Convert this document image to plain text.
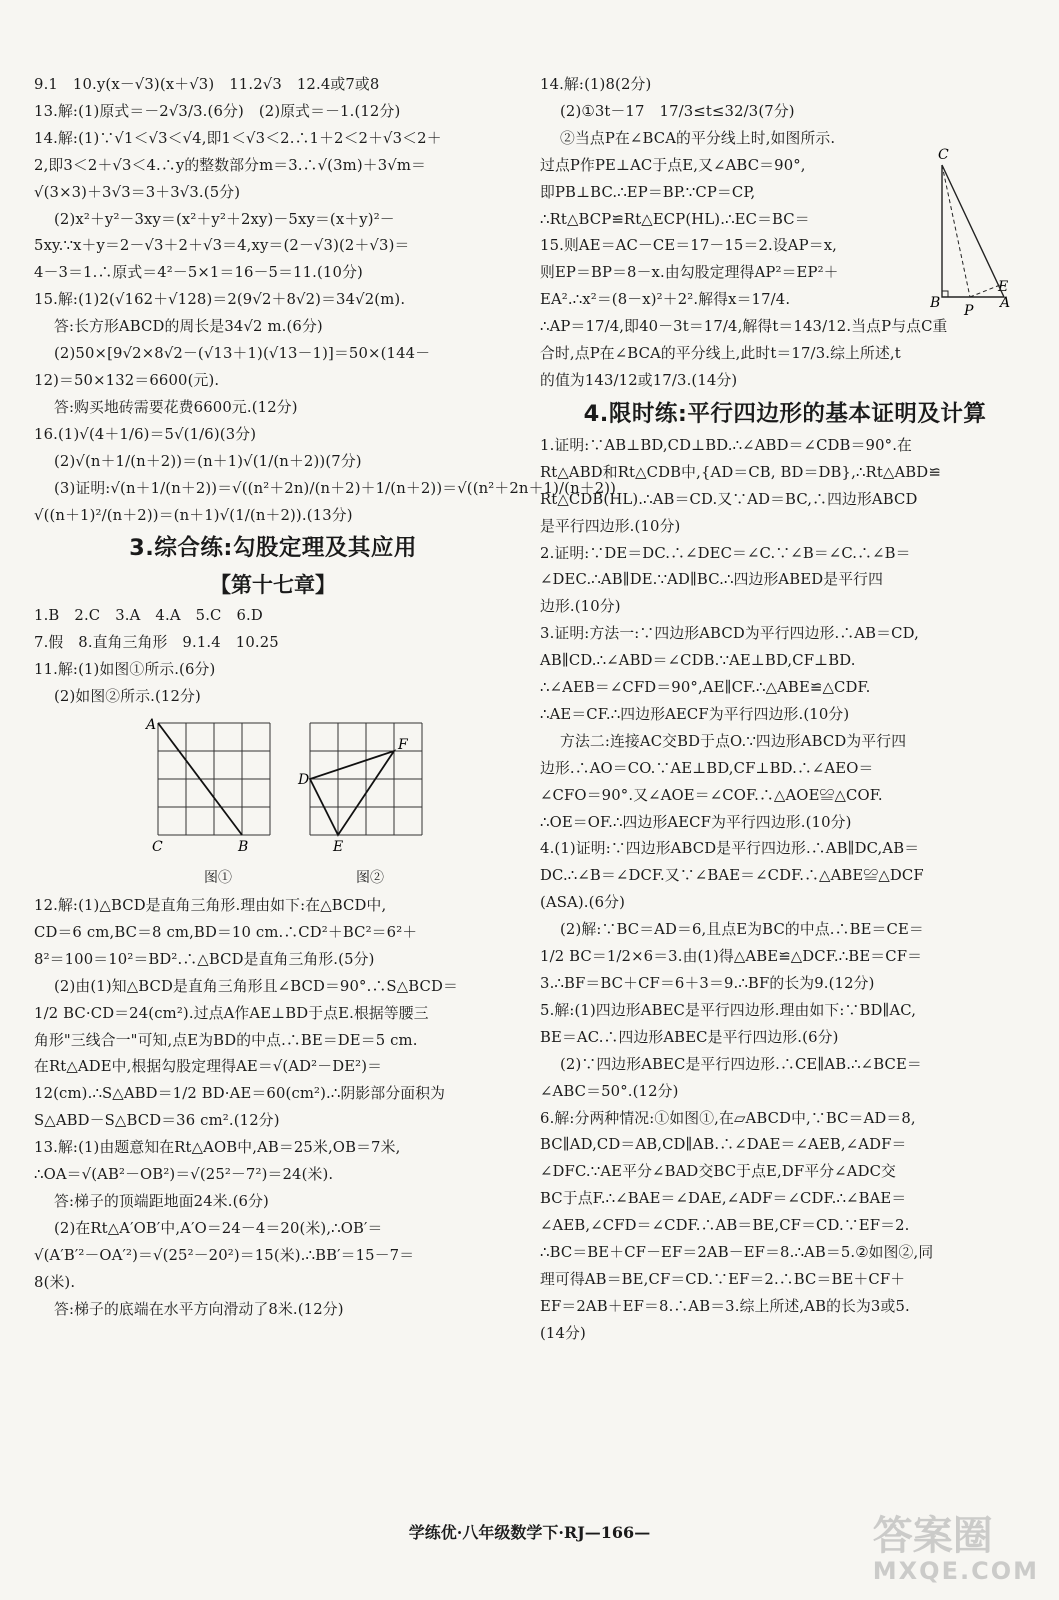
9.1　10.y(x－√3)(x＋√3)　11.2√3　12.4或7或8
13.解:(1)原式＝－2√3/3.(6分)　(2)原式＝－1.(12分)
14.解:(1)∵√1＜√3＜√4,即1＜√3＜2.∴1＋2＜2＋√3＜2＋
2,即3＜2＋√3＜4.∴y的整数部分m＝3.∴√(3m)＋3√m＝
√(3×3)＋3√3＝3＋3√3.(5分)
(2)x²＋y²－3xy＝(x²＋y²＋2xy)－5xy＝(x＋y)²－
5xy.∵x＋y＝2－√3＋2＋√3＝4,xy＝(2－√3)(2＋√3)＝
4－3＝1.∴原式＝4²－5×1＝16－5＝11.(10分)
15.解:(1)2(√162＋√128)＝2(9√2＋8√2)＝34√2(m).
答:长方形ABCD的周长是34√2 m.(6分)
(2)50×[9√2×8√2－(√13＋1)(√13－1)]＝50×(144－
12)＝50×132＝6600(元).
答:购买地砖需要花费6600元.(12分)
16.(1)√(4＋1/6)＝5√(1/6)(3分)
(2)√(n＋1/(n＋2))＝(n＋1)√(1/(n＋2))(7分)
(3)证明:√(n＋1/(n＋2))＝√((n²＋2n)/(n＋2)＋1/(n＋2))＝√((n²＋2n＋1)/(n＋2))
√((n＋1)²/(n＋2))＝(n＋1)√(1/(n＋2)).(13分)
3.综合练:勾股定理及其应用
【第十七章】
1.B　2.C　3.A　4.A　5.C　6.D
7.假　8.直角三角形　9.1.4　10.25
11.解:(1)如图①所示.(6分)
(2)如图②所示.(12分)
A
C	B
D
E
F
图①	图②
12.解:(1)△BCD是直角三角形.理由如下:在△BCD中,
CD＝6 cm,BC＝8 cm,BD＝10 cm.∴CD²＋BC²＝6²＋
8²＝100＝10²＝BD².∴△BCD是直角三角形.(5分)
(2)由(1)知△BCD是直角三角形且∠BCD＝90°.∴S△BCD＝
1/2 BC·CD＝24(cm²).过点A作AE⊥BD于点E.根据等腰三
角形"三线合一"可知,点E为BD的中点.∴BE＝DE＝5 cm.
在Rt△ADE中,根据勾股定理得AE＝√(AD²－DE²)＝
12(cm).∴S△ABD＝1/2 BD·AE＝60(cm²).∴阴影部分面积为
S△ABD－S△BCD＝36 cm².(12分)
13.解:(1)由题意知在Rt△AOB中,AB＝25米,OB＝7米,
∴OA＝√(AB²－OB²)＝√(25²－7²)＝24(米).
答:梯子的顶端距地面24米.(6分)
(2)在Rt△A′OB′中,A′O＝24－4＝20(米),∴OB′＝
√(A′B′²－OA′²)＝√(25²－20²)＝15(米).∴BB′＝15－7＝
8(米).
答:梯子的底端在水平方向滑动了8米.(12分)
14.解:(1)8(2分)
(2)①3t－17　17/3≤t≤32/3(7分)
②当点P在∠BCA的平分线上时,如图所示.
过点P作PE⊥AC于点E,又∠ABC＝90°,
即PB⊥BC.∴EP＝BP.∵CP＝CP,
∴Rt△BCP≌Rt△ECP(HL).∴EC＝BC＝
15.则AE＝AC－CE＝17－15＝2.设AP＝x,
则EP＝BP＝8－x.由勾股定理得AP²＝EP²＋
EA².∴x²＝(8－x)²＋2².解得x＝17/4.
∴AP＝17/4,即40－3t＝17/4,解得t＝143/12.当点P与点C重
合时,点P在∠BCA的平分线上,此时t＝17/3.综上所述,t
的值为143/12或17/3.(14分)
4.限时练:平行四边形的基本证明及计算
1.证明:∵AB⊥BD,CD⊥BD.∴∠ABD＝∠CDB＝90°.在
Rt△ABD和Rt△CDB中,{AD＝CB, BD＝DB},∴Rt△ABD≌
Rt△CDB(HL).∴AB＝CD.又∵AD＝BC,∴四边形ABCD
是平行四边形.(10分)
2.证明:∵DE＝DC.∴∠DEC＝∠C.∵∠B＝∠C.∴∠B＝
∠DEC.∴AB∥DE.∵AD∥BC.∴四边形ABED是平行四
边形.(10分)
3.证明:方法一:∵四边形ABCD为平行四边形.∴AB＝CD,
AB∥CD.∴∠ABD＝∠CDB.∵AE⊥BD,CF⊥BD.
∴∠AEB＝∠CFD＝90°,AE∥CF.∴△ABE≌△CDF.
∴AE＝CF.∴四边形AECF为平行四边形.(10分)
方法二:连接AC交BD于点O.∵四边形ABCD为平行四
边形.∴AO＝CO.∵AE⊥BD,CF⊥BD.∴∠AEO＝
∠CFO＝90°.又∠AOE＝∠COF.∴△AOE≌△COF.
∴OE＝OF.∴四边形AECF为平行四边形.(10分)
4.(1)证明:∵四边形ABCD是平行四边形.∴AB∥DC,AB＝
DC.∴∠B＝∠DCF.又∵∠BAE＝∠CDF.∴△ABE≌△DCF
(ASA).(6分)
(2)解:∵BC＝AD＝6,且点E为BC的中点.∴BE＝CE＝
1/2 BC＝1/2×6＝3.由(1)得△ABE≌△DCF.∴BE＝CF＝
3.∴BF＝BC＋CF＝6＋3＝9.∴BF的长为9.(12分)
5.解:(1)四边形ABEC是平行四边形.理由如下:∵BD∥AC,
BE＝AC.∴四边形ABEC是平行四边形.(6分)
(2)∵四边形ABEC是平行四边形.∴CE∥AB.∴∠BCE＝
∠ABC＝50°.(12分)
6.解:分两种情况:①如图①,在▱ABCD中,∵BC＝AD＝8,
BC∥AD,CD＝AB,CD∥AB.∴∠DAE＝∠AEB,∠ADF＝
∠DFC.∵AE平分∠BAD交BC于点E,DF平分∠ADC交
BC于点F.∴∠BAE＝∠DAE,∠ADF＝∠CDF.∴∠BAE＝
∠AEB,∠CFD＝∠CDF.∴AB＝BE,CF＝CD.∵EF＝2.
∴BC＝BE＋CF－EF＝2AB－EF＝8.∴AB＝5.②如图②,同
理可得AB＝BE,CF＝CD.∵EF＝2.∴BC＝BE＋CF＋
EF＝2AB＋EF＝8.∴AB＝3.综上所述,AB的长为3或5.
(14分)
C
B P
E
A
学练优·八年级数学下·RJ—166—	答案圈
MXQE.COM
